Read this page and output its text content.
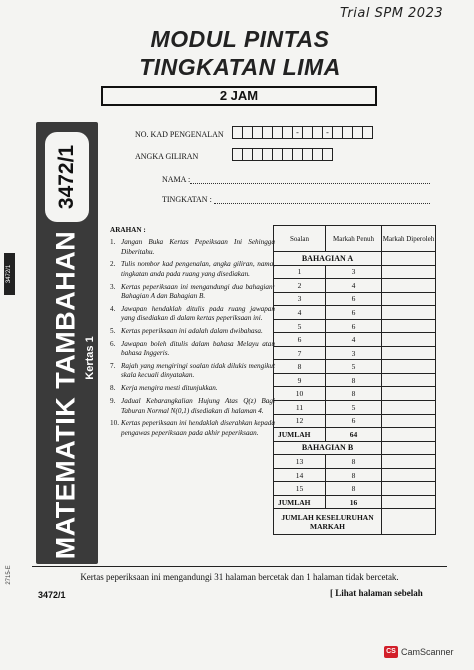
Trial SPM 2023
MODUL PINTAS
TINGKATAN LIMA
2 JAM
3472/1
2715-E
3472/1
MATEMATIK TAMBAHAN Kertas 1
NO. KAD PENGENALAN	-	-
ANGKA GILIRAN
NAMA :
TINGKATAN :
ARAHAN :
1. Jangan Buka Kertas Pepeiksaan Ini Sehingga Diberitahu.
2. Tulis nombor kad pengenalan, angka giliran, nama, tingkatan anda pada ruang yang disediakan.
3. Kertas peperiksaan ini mengandungi dua bahagian: Bahagian A dan Bahagian B.
4. Jawapan hendaklah ditulis pada ruang jawapan yang disediakan di dalam kertas peperiksaan ini.
5. Kertas peperiksaan ini adalah dalam dwibahasa.
6. Jawapan boleh ditulis dalam bahasa Melayu atau bahasa Inggeris.
7. Rajah yang mengiringi soalan tidak dilukis mengikut skala kecuali dinyatakan.
8. Kerja mengira mesti ditunjukkan.
9. Jadual Kebarangkalian Hujung Atas Q(z) Bagi Taburan Normal N(0,1) disediakan di halaman 4.
10. Kertas peperiksaan ini hendaklah diserahkan kepada pengawas peperiksaan pada akhir peperiksaan.
Soalan	Markah Penuh	Markah Diperoleh
BAHAGIAN A		
1	3	
2	4	
3	6	
4	6	
5	6	
6	4	
7	3	
8	5	
9	8	
10	8	
11	5	
12	6	
JUMLAH	64	
BAHAGIAN B		
13	8	
14	8	
15	8	
JUMLAH	16	
JUMLAH KESELURUHAN MARKAH		
Kertas peperiksaan ini mengandungi 31 halaman bercetak dan 1 halaman tidak bercetak.
3472/1	[ Lihat halaman sebelah
CS CamScanner
